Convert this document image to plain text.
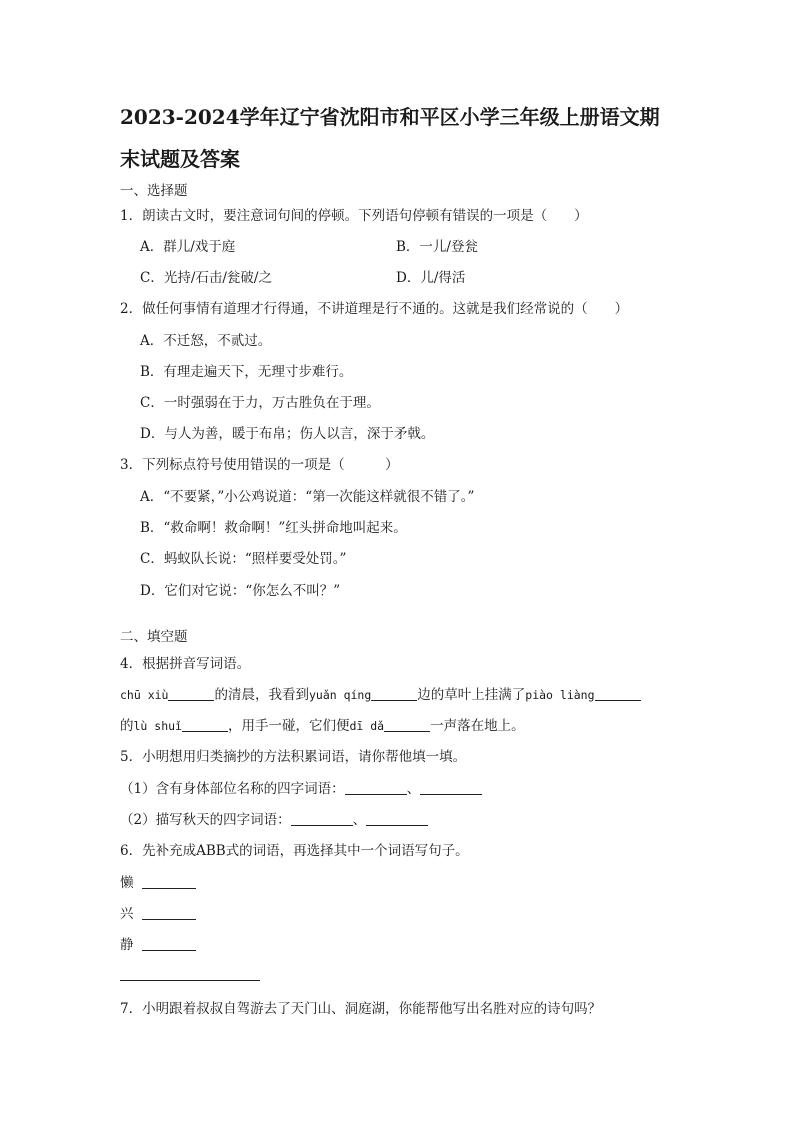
2023-2024学年辽宁省沈阳市和平区小学三年级上册语文期
末试题及答案
一、选择题
1．朗读古文时，要注意词句间的停顿。下列语句停顿有错误的一项是（　　）
A．群儿/戏于庭	B．一儿/登瓮
C．光持/石击/瓮破/之	D．儿/得活
2．做任何事情有道理才行得通，不讲道理是行不通的。这就是我们经常说的（　　）
A．不迁怒，不贰过。
B．有理走遍天下，无理寸步难行。
C．一时强弱在于力，万古胜负在于理。
D．与人为善，暖于布帛；伤人以言，深于矛戟。
3．下列标点符号使用错误的一项是（　　　）
A．“不要紧，”小公鸡说道：“第一次能这样就很不错了。”
B．“救命啊！救命啊！”红头拼命地叫起来。
C．蚂蚁队长说：“照样要受处罚。”
D．它们对它说：“你怎么不叫？”
二、填空题
4．根据拼音写词语。
chū xiù	的清晨，我看到yuǎn qíng	边的草叶上挂满了piào liàng
的lù shuǐ	，用手一碰，它们便dī dǎ	一声落在地上。
5．小明想用归类摘抄的方法积累词语，请你帮他填一填。
（1）含有身体部位名称的四字词语：	、
（2）描写秋天的四字词语：	、
6．先补充成ABB式的词语，再选择其中一个词语写句子。
懒
兴
静
7．小明跟着叔叔自驾游去了天门山、洞庭湖，你能帮他写出名胜对应的诗句吗？
